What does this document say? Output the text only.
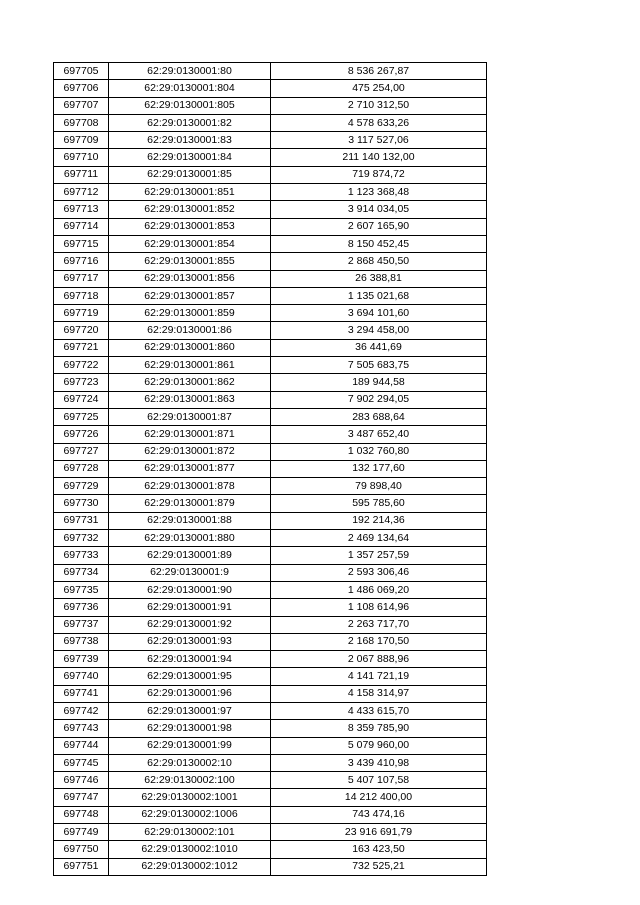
697705	62:29:0130001:80	8 536 267,87
697706	62:29:0130001:804	475 254,00
697707	62:29:0130001:805	2 710 312,50
697708	62:29:0130001:82	4 578 633,26
697709	62:29:0130001:83	3 117 527,06
697710	62:29:0130001:84	211 140 132,00
697711	62:29:0130001:85	719 874,72
697712	62:29:0130001:851	1 123 368,48
697713	62:29:0130001:852	3 914 034,05
697714	62:29:0130001:853	2 607 165,90
697715	62:29:0130001:854	8 150 452,45
697716	62:29:0130001:855	2 868 450,50
697717	62:29:0130001:856	26 388,81
697718	62:29:0130001:857	1 135 021,68
697719	62:29:0130001:859	3 694 101,60
697720	62:29:0130001:86	3 294 458,00
697721	62:29:0130001:860	36 441,69
697722	62:29:0130001:861	7 505 683,75
697723	62:29:0130001:862	189 944,58
697724	62:29:0130001:863	7 902 294,05
697725	62:29:0130001:87	283 688,64
697726	62:29:0130001:871	3 487 652,40
697727	62:29:0130001:872	1 032 760,80
697728	62:29:0130001:877	132 177,60
697729	62:29:0130001:878	79 898,40
697730	62:29:0130001:879	595 785,60
697731	62:29:0130001:88	192 214,36
697732	62:29:0130001:880	2 469 134,64
697733	62:29:0130001:89	1 357 257,59
697734	62:29:0130001:9	2 593 306,46
697735	62:29:0130001:90	1 486 069,20
697736	62:29:0130001:91	1 108 614,96
697737	62:29:0130001:92	2 263 717,70
697738	62:29:0130001:93	2 168 170,50
697739	62:29:0130001:94	2 067 888,96
697740	62:29:0130001:95	4 141 721,19
697741	62:29:0130001:96	4 158 314,97
697742	62:29:0130001:97	4 433 615,70
697743	62:29:0130001:98	8 359 785,90
697744	62:29:0130001:99	5 079 960,00
697745	62:29:0130002:10	3 439 410,98
697746	62:29:0130002:100	5 407 107,58
697747	62:29:0130002:1001	14 212 400,00
697748	62:29:0130002:1006	743 474,16
697749	62:29:0130002:101	23 916 691,79
697750	62:29:0130002:1010	163 423,50
697751	62:29:0130002:1012	732 525,21
